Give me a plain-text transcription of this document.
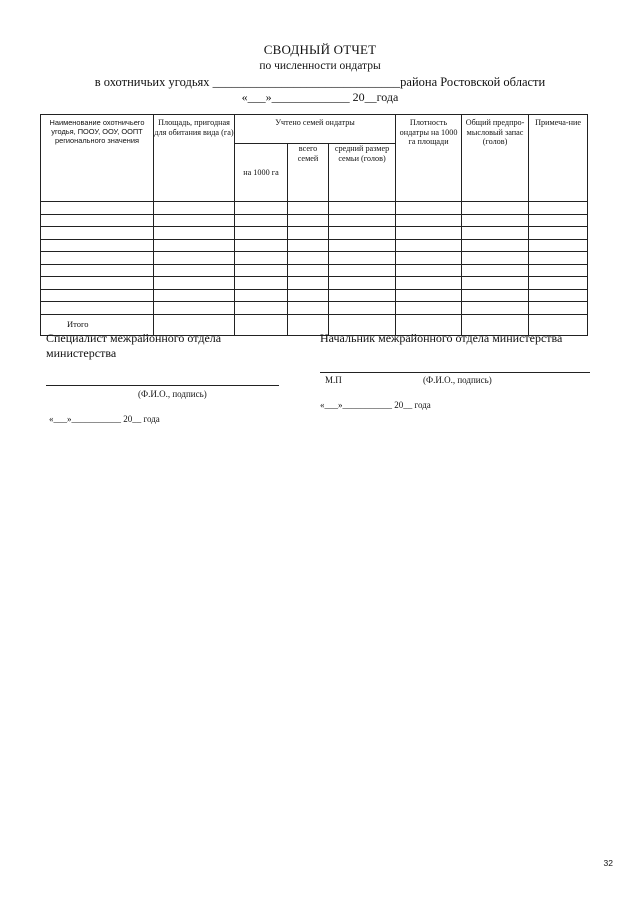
СВОДНЫЙ ОТЧЕТ
по численности ондатры
в охотничьих угодьях ______________________________района Ростовской области
«___»_____________ 20__года
Наименование охотничьего угодья, ПООУ, ООУ, ООПТ регионального значения	Площадь, пригодная для обитания вида (га)	Учтено семей ондатры			Плотность ондатры на 1000 га площади	Общий предпро-мысловый запас (голов)	Примеча-ние

		на 1000 га	всего семей	средний размер семьи (голов)			

Итого							
Специалист межрайонного отдела министерства
Начальник межрайонного отдела министерства
М.П	(Ф.И.О., подпись)
(Ф.И.О., подпись)
«___»___________ 20__ года
«___»___________ 20__ года
32
